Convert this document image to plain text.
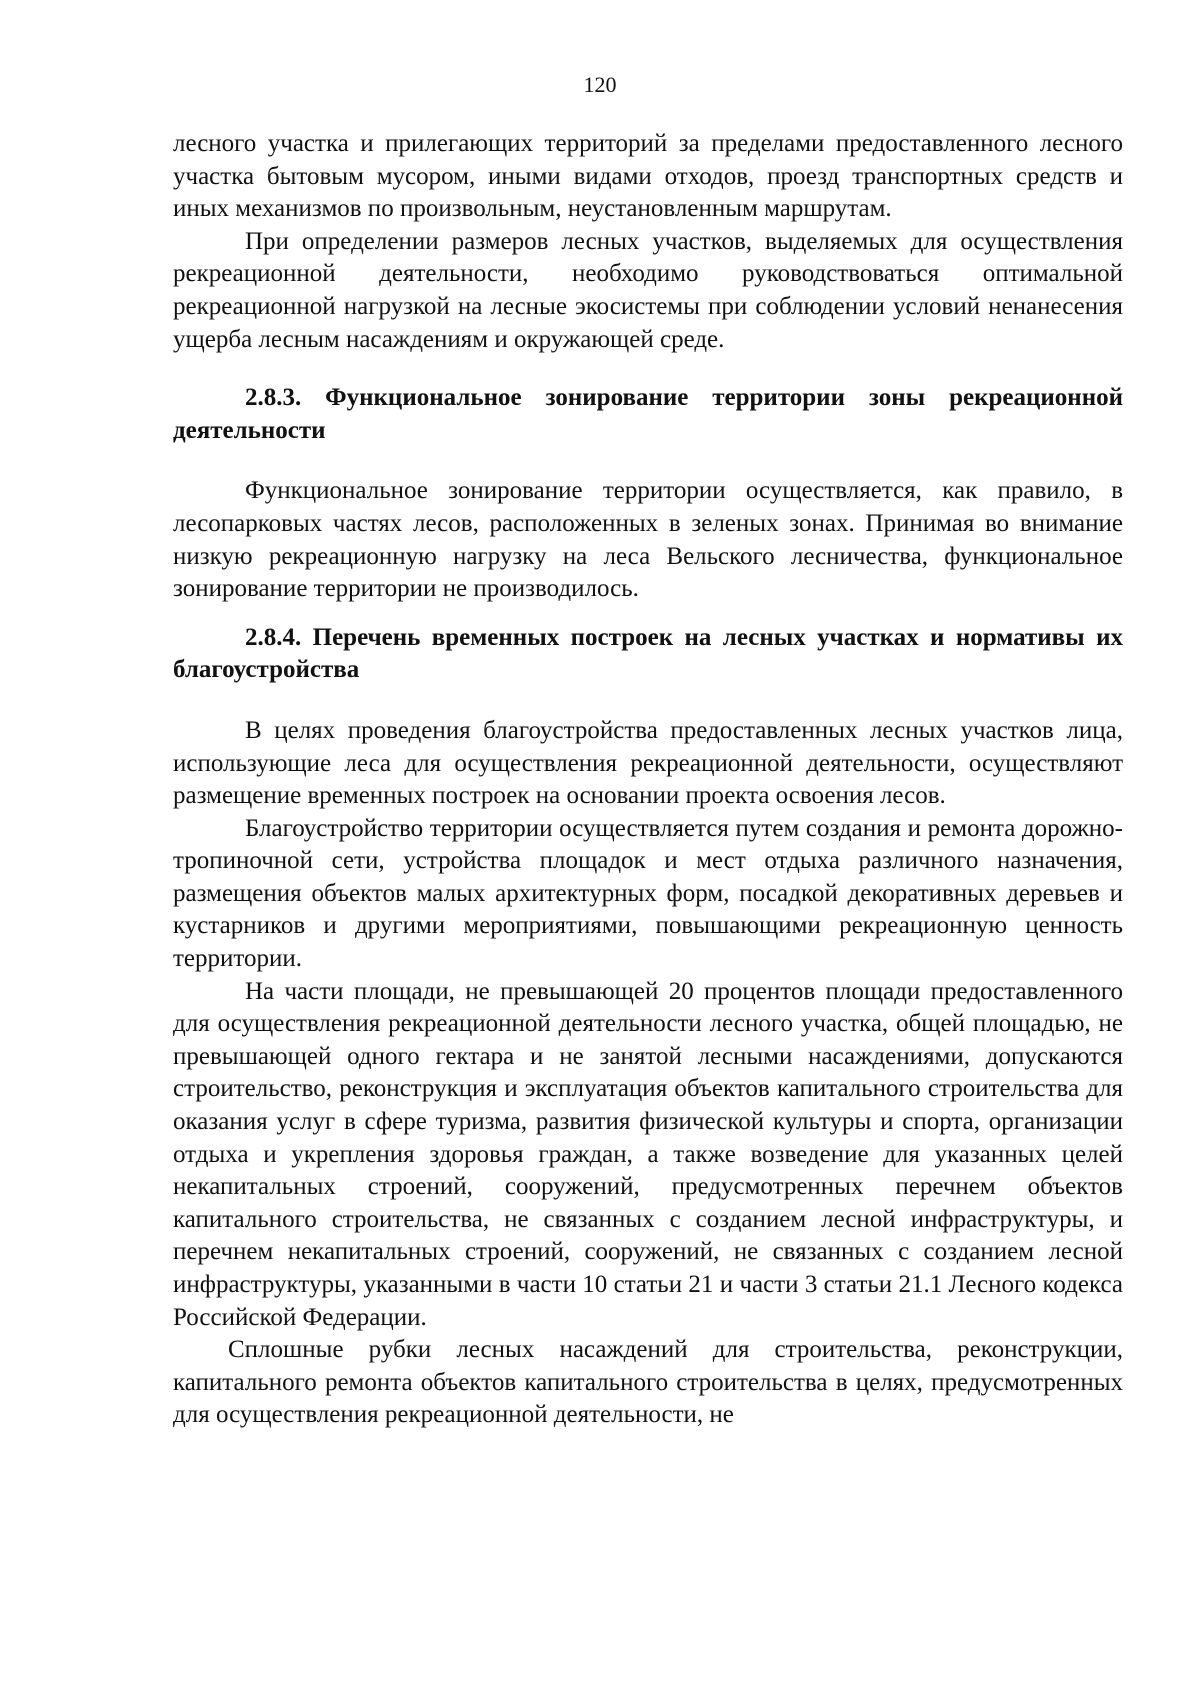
120

лесного участка и прилегающих территорий за пределами предоставленного лесного участка бытовым мусором, иными видами отходов, проезд транспортных средств и иных механизмов по произвольным, неустановленным маршрутам.

При определении размеров лесных участков, выделяемых для осуществления рекреационной деятельности, необходимо руководствоваться оптимальной рекреационной нагрузкой на лесные экосистемы при соблюдении условий ненанесения ущерба лесным насаждениям и окружающей среде.

2.8.3. Функциональное зонирование территории зоны рекреационной деятельности

Функциональное зонирование территории осуществляется, как правило, в лесопарковых частях лесов, расположенных в зеленых зонах. Принимая во внимание низкую рекреационную нагрузку на леса Вельского лесничества, функциональное зонирование территории не производилось.

2.8.4. Перечень временных построек на лесных участках и нормативы их благоустройства

В целях проведения благоустройства предоставленных лесных участков лица, использующие леса для осуществления рекреационной деятельности, осуществляют размещение временных построек на основании проекта освоения лесов.

Благоустройство территории осуществляется путем создания и ремонта дорожно-тропиночной сети, устройства площадок и мест отдыха различного назначения, размещения объектов малых архитектурных форм, посадкой декоративных деревьев и кустарников и другими мероприятиями, повышающими рекреационную ценность территории.

На части площади, не превышающей 20 процентов площади предоставленного для осуществления рекреационной деятельности лесного участка, общей площадью, не превышающей одного гектара и не занятой лесными насаждениями, допускаются строительство, реконструкция и эксплуатация объектов капитального строительства для оказания услуг в сфере туризма, развития физической культуры и спорта, организации отдыха и укрепления здоровья граждан, а также возведение для указанных целей некапитальных строений, сооружений, предусмотренных перечнем объектов капитального строительства, не связанных с созданием лесной инфраструктуры, и перечнем некапитальных строений, сооружений, не связанных с созданием лесной инфраструктуры, указанными в части 10 статьи 21 и части 3 статьи 21.1 Лесного кодекса Российской Федерации.

Сплошные рубки лесных насаждений для строительства, реконструкции, капитального ремонта объектов капитального строительства в целях, предусмотренных для осуществления рекреационной деятельности, не
